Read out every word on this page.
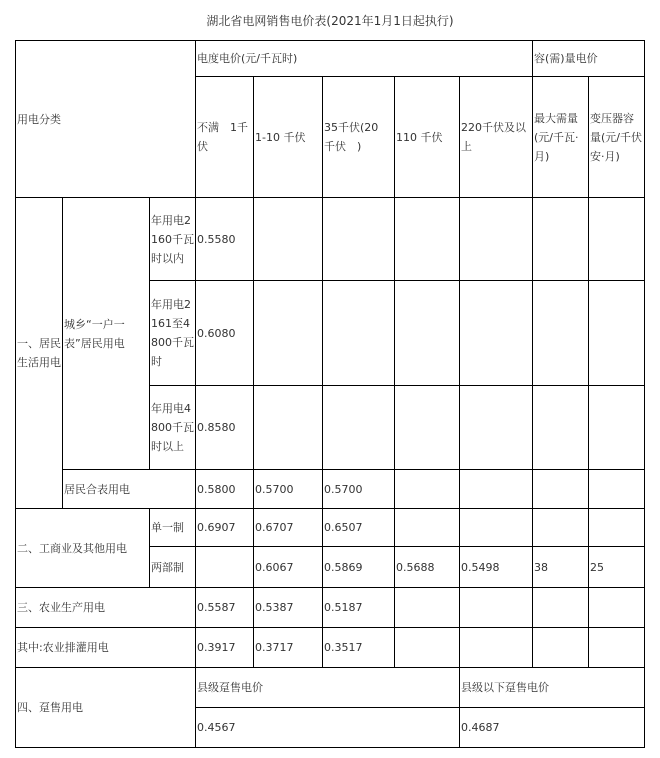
湖北省电网销售电价表(2021年1月1日起执行)
用电分类			电度电价(元/千瓦时)					容(需)量电价	
			不满　1千伏	1-10 千伏	35千伏(20　千伏　)	110 千伏	220千伏及以上	最大需量(元/千瓦·月)	变压器容量(元/千伏安·月)
一、居民生活用电	城乡“一户一表”居民用电	年用电2160千瓦时以内	0.5580						
		年用电2161至4800千瓦时	0.6080						
		年用电4800千瓦时以上	0.8580						
	居民合表用电		0.5800	0.5700	0.5700				
二、工商业及其他用电		单一制	0.6907	0.6707	0.6507				
		两部制		0.6067	0.5869	0.5688	0.5498	38	25
三、农业生产用电			0.5587	0.5387	0.5187				
其中:农业排灌用电			0.3917	0.3717	0.3517				
四、趸售用电			县级趸售电价				县级以下趸售电价		
			0.4567				0.4687		
